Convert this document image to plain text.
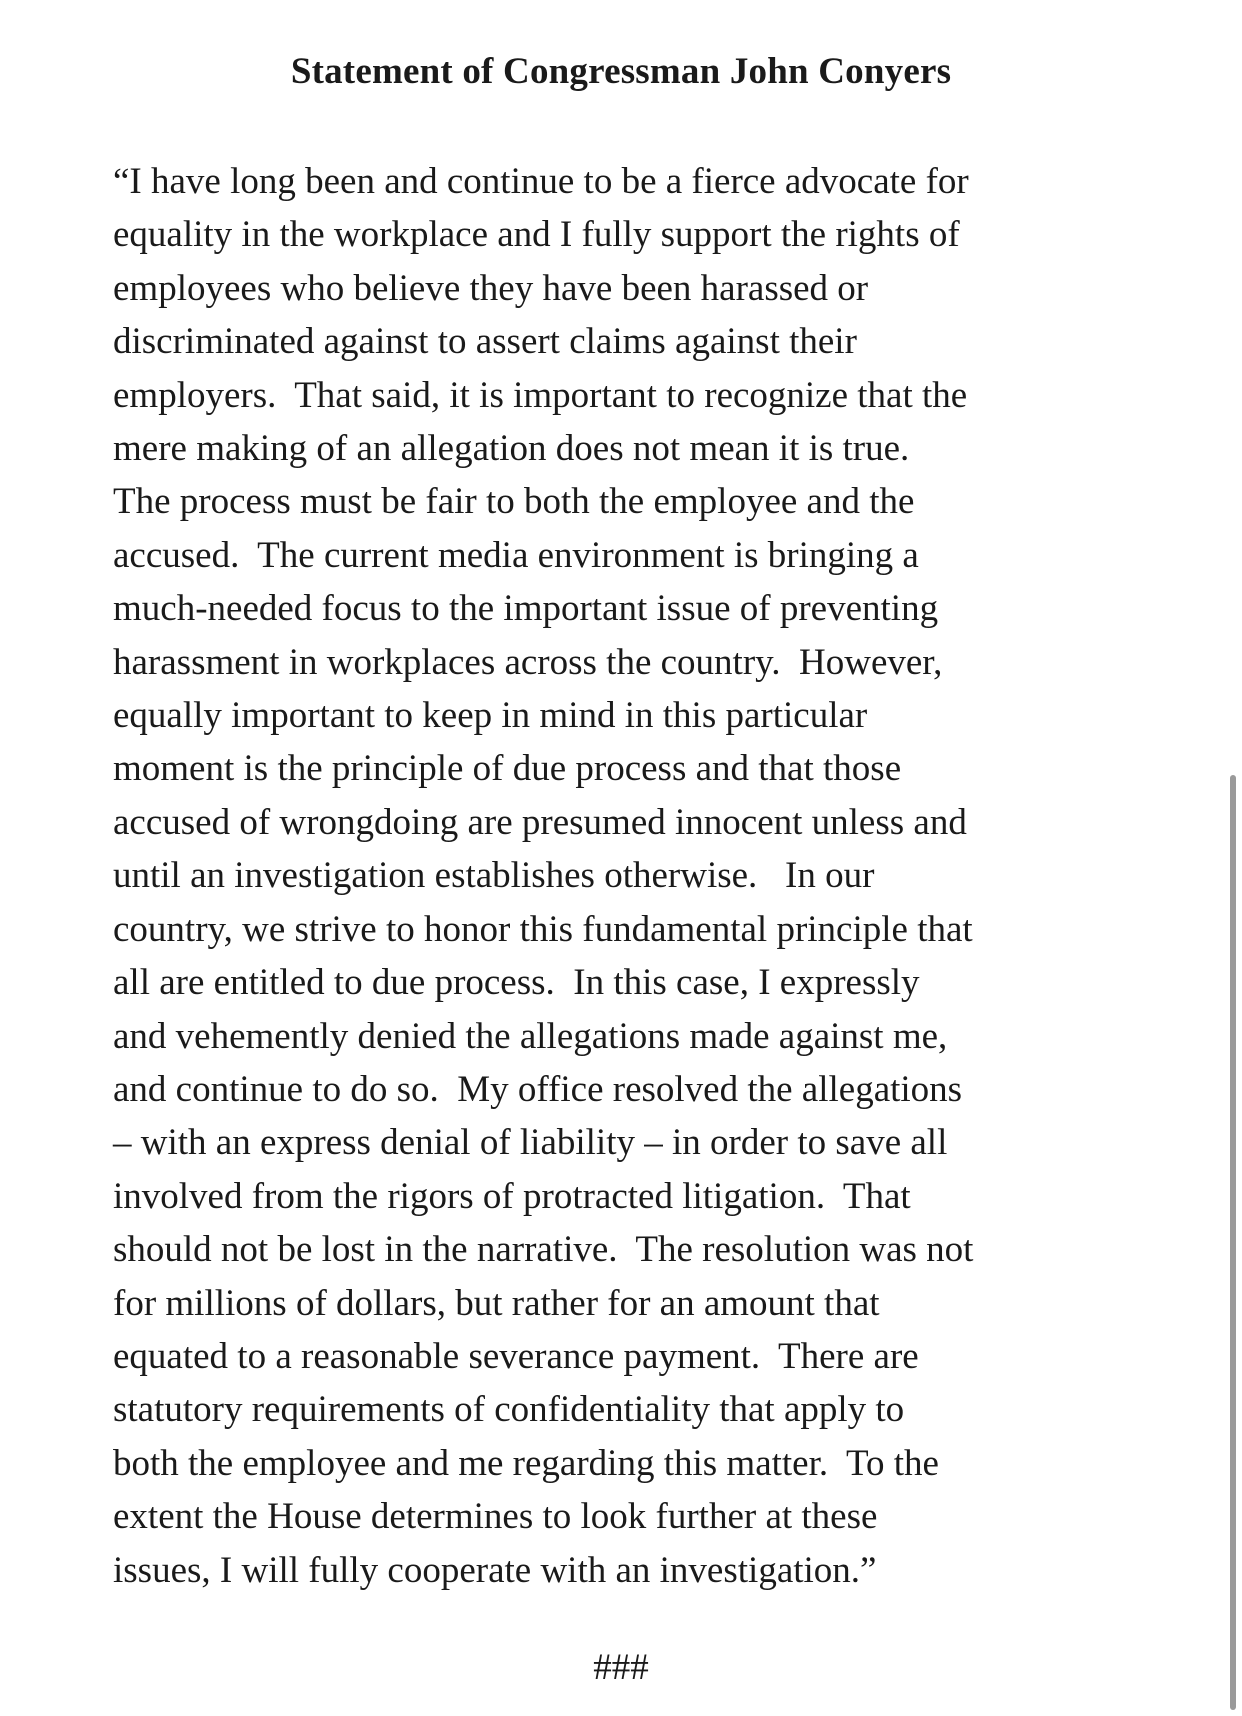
Statement of Congressman John Conyers
“I have long been and continue to be a fierce advocate for
equality in the workplace and I fully support the rights of
employees who believe they have been harassed or
discriminated against to assert claims against their
employers.  That said, it is important to recognize that the
mere making of an allegation does not mean it is true.
The process must be fair to both the employee and the
accused.  The current media environment is bringing a
much-needed focus to the important issue of preventing
harassment in workplaces across the country.  However,
equally important to keep in mind in this particular
moment is the principle of due process and that those
accused of wrongdoing are presumed innocent unless and
until an investigation establishes otherwise.   In our
country, we strive to honor this fundamental principle that
all are entitled to due process.  In this case, I expressly
and vehemently denied the allegations made against me,
and continue to do so.  My office resolved the allegations
– with an express denial of liability – in order to save all
involved from the rigors of protracted litigation.  That
should not be lost in the narrative.  The resolution was not
for millions of dollars, but rather for an amount that
equated to a reasonable severance payment.  There are
statutory requirements of confidentiality that apply to
both the employee and me regarding this matter.  To the
extent the House determines to look further at these
issues, I will fully cooperate with an investigation.”
###
